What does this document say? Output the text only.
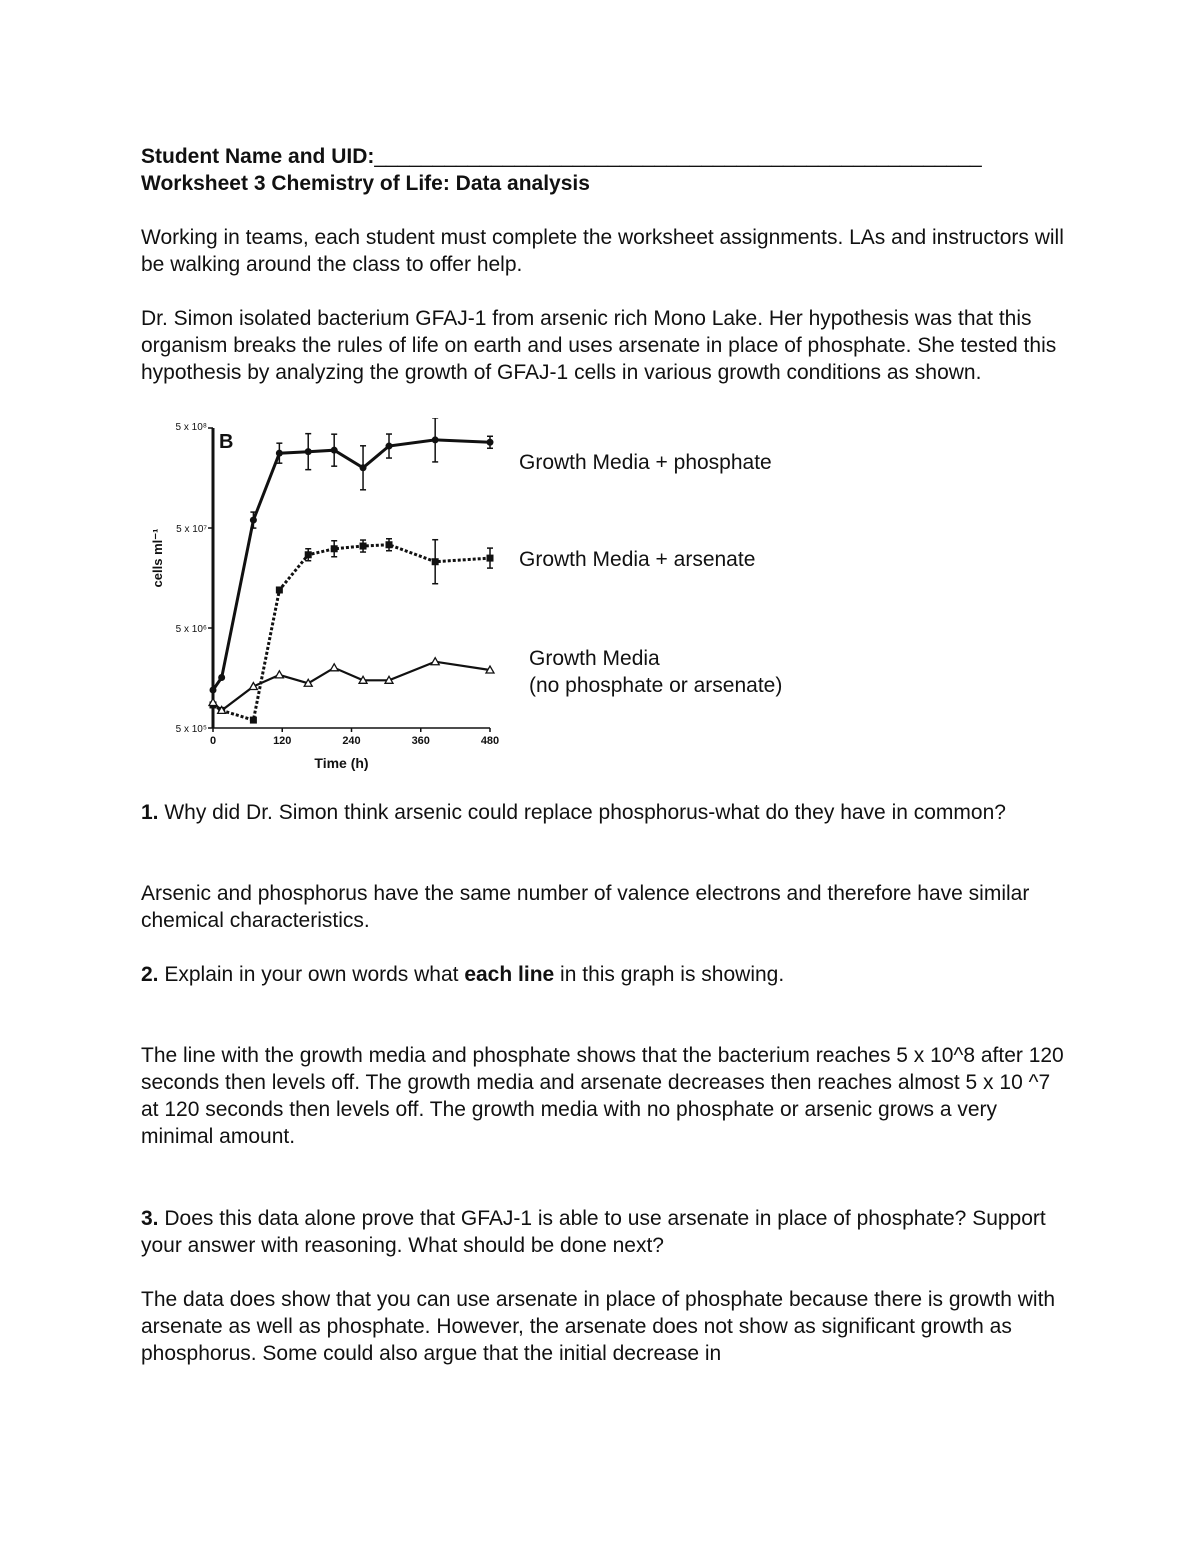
Student Name and UID:____________________________________________________

Worksheet 3 Chemistry of Life: Data analysis

Working in teams, each student must complete the worksheet assignments. LAs and instructors will be walking around the class to offer help.

Dr. Simon isolated bacterium GFAJ-1 from arsenic rich Mono Lake. Her hypothesis was that this organism breaks the rules of life on earth and uses arsenate in place of phosphate. She tested this hypothesis by analyzing the growth of GFAJ-1 cells in various growth conditions as shown.

5 x 10⁵
5 x 10⁶
5 x 10⁷
5 x 10⁸
0	120	240	360	480
Time (h)
cells ml⁻¹
B
Growth Media + phosphate
Growth Media + arsenate
Growth Media
(no phosphate or arsenate)

1. Why did Dr. Simon think arsenic could replace phosphorus-what do they have in common?

Arsenic and phosphorus have the same number of valence electrons and therefore have similar chemical characteristics.

2. Explain in your own words what each line in this graph is showing.

The line with the growth media and phosphate shows that the bacterium reaches 5 x 10^8 after 120 seconds then levels off. The growth media and arsenate decreases then reaches almost 5 x 10 ^7 at 120 seconds then levels off. The growth media with no phosphate or arsenic grows a very minimal amount.

3. Does this data alone prove that GFAJ-1 is able to use arsenate in place of phosphate? Support your answer with reasoning. What should be done next?

The data does show that you can use arsenate in place of phosphate because there is growth with arsenate as well as phosphate. However, the arsenate does not show as significant growth as phosphorus. Some could also argue that the initial decrease in
